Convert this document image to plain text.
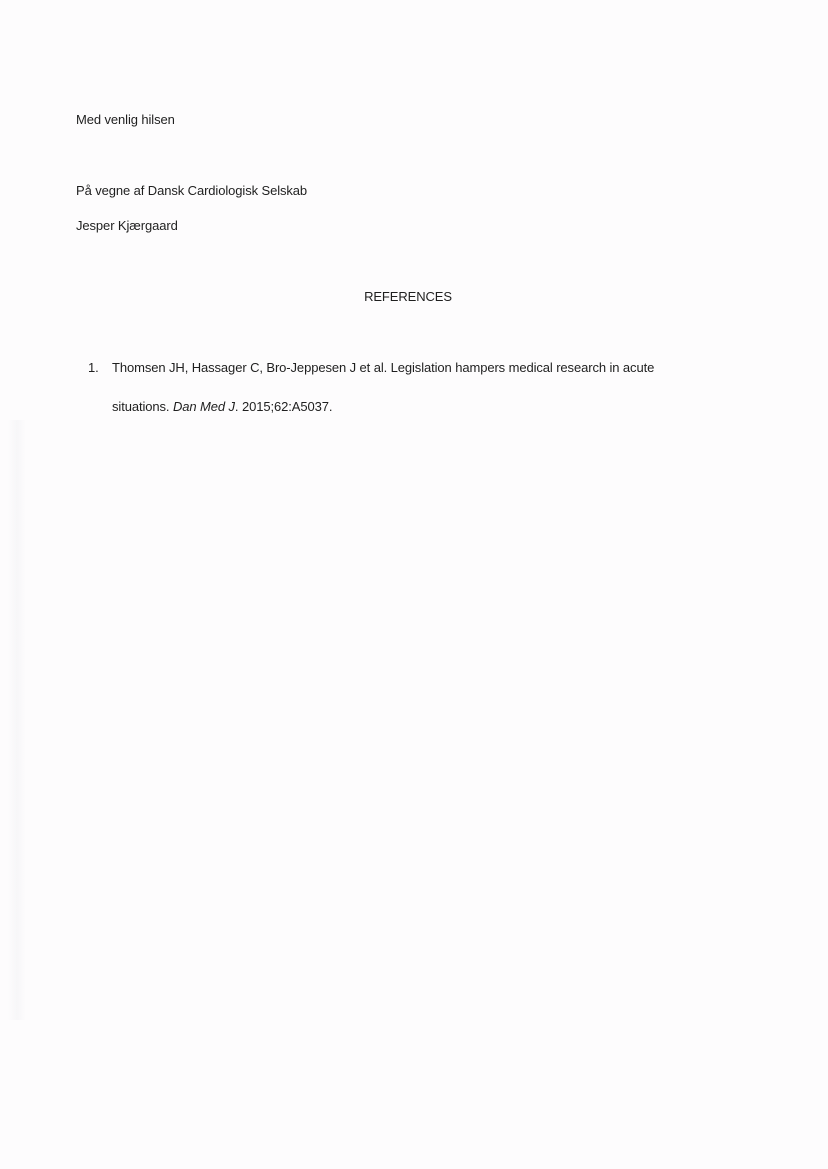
Med venlig hilsen
På vegne af Dansk Cardiologisk Selskab
Jesper Kjærgaard
REFERENCES
1. Thomsen JH, Hassager C, Bro-Jeppesen J et al. Legislation hampers medical research in acute
situations. Dan Med J. 2015;62:A5037.
